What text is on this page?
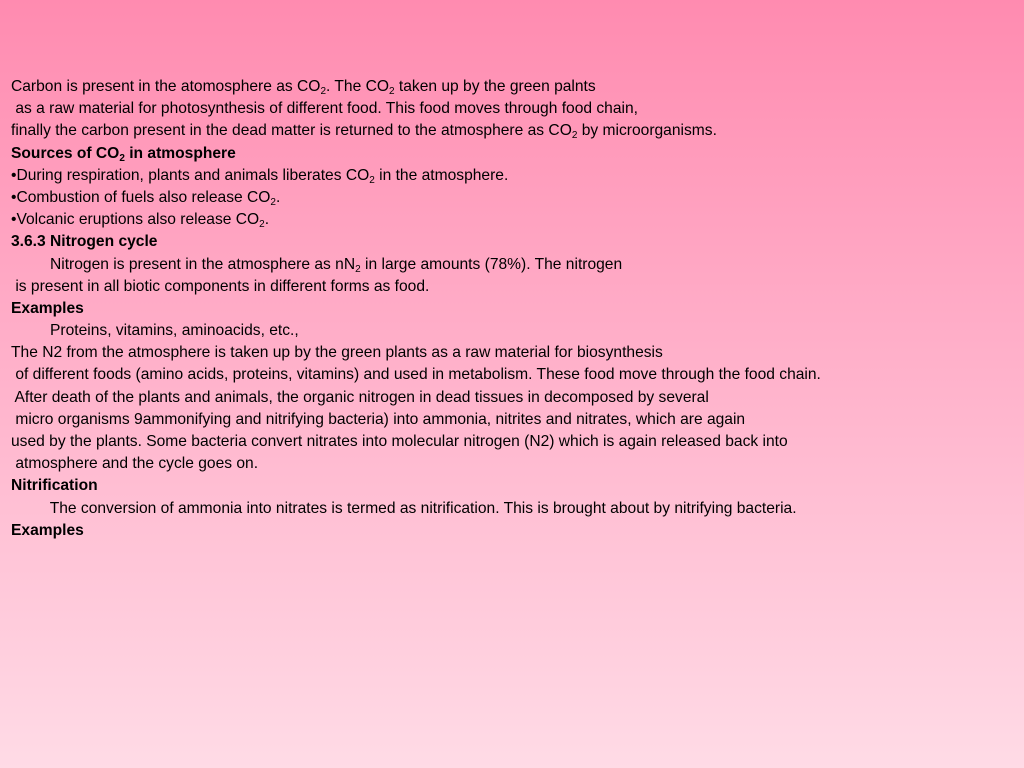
Carbon is present in the atomosphere as $CO_2$. The $CO_2$ taken up by the green palnts
as a raw material for photosynthesis of different food. This food moves through food chain,
finally the carbon present in the dead matter is returned to the atmosphere as $CO_2$ by microorganisms.
Sources of $CO_2$ in atmosphere
•During respiration, plants and animals liberates $CO_2$ in the atmosphere.
•Combustion of fuels also release $CO_2$.
•Volcanic eruptions also release $CO_2$.
3.6.3 Nitrogen cycle
Nitrogen is present in the atmosphere as $nN_2$ in large amounts (78%). The nitrogen
is present in all biotic components in different forms as food.
Examples
Proteins, vitamins, aminoacids, etc.,
The N2 from the atmosphere is taken up by the green plants as a raw material for biosynthesis
of different foods (amino acids, proteins, vitamins) and used in metabolism. These food move through the food chain.
After death of the plants and animals, the organic nitrogen in dead tissues in decomposed by several
micro organisms 9ammonifying and nitrifying bacteria) into ammonia, nitrites and nitrates, which are again
used by the plants. Some bacteria convert nitrates into molecular nitrogen (N2) which is again released back into
atmosphere and the cycle goes on.
Nitrification
The conversion of ammonia into nitrates is termed as nitrification. This is brought about by nitrifying bacteria.
Examples
